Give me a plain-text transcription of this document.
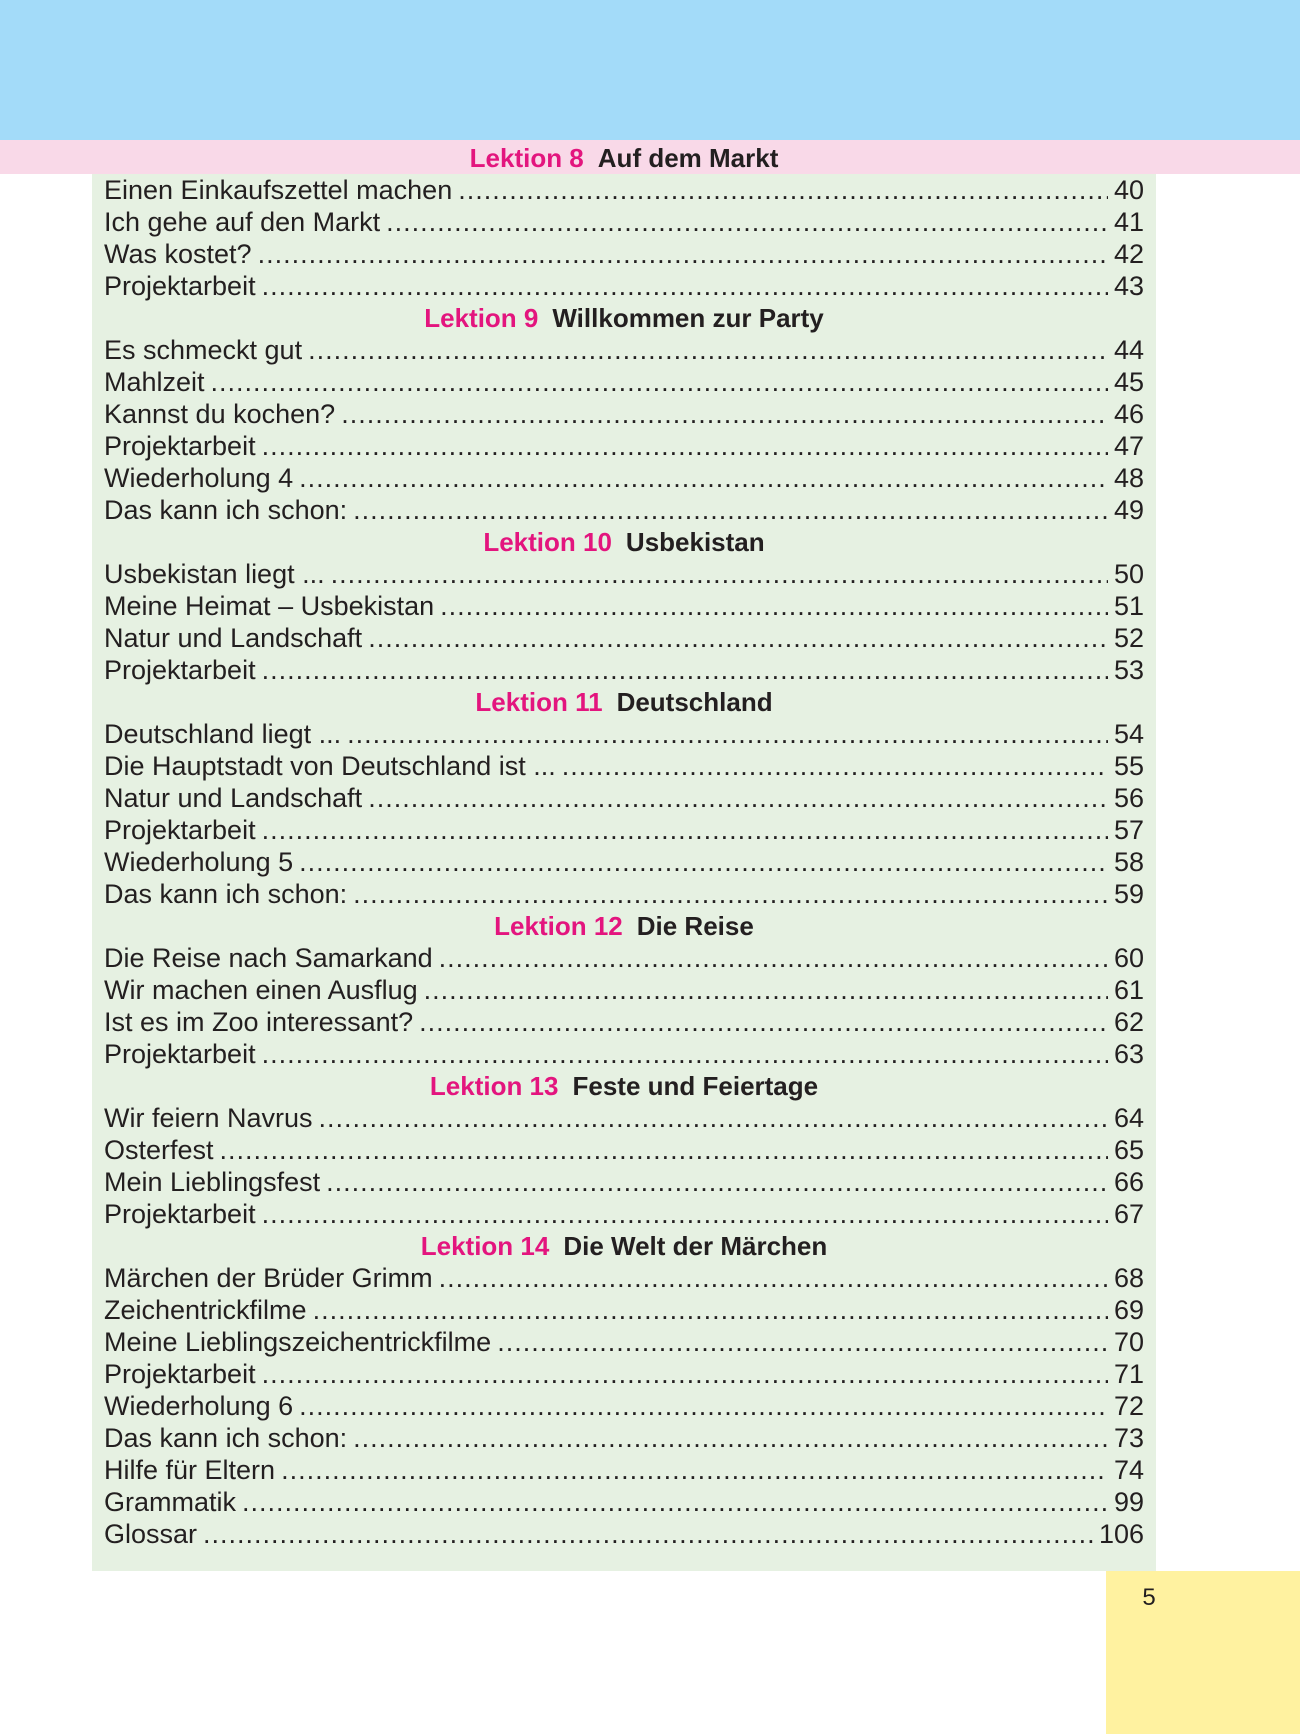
5
Lektion 8 Auf dem Markt
Einen Einkaufszettel machen .....	40
Ich gehe auf den Markt .....	41
Was kostet? .....	42
Projektarbeit .....	43
Lektion 9 Willkommen zur Party
Es schmeckt gut .....	44
Mahlzeit .....	45
Kannst du kochen? .....	46
Projektarbeit .....	47
Wiederholung 4 .....	48
Das kann ich schon: .....	49
Lektion 10 Usbekistan
Usbekistan liegt ... .....	50
Meine Heimat – Usbekistan .....	51
Natur und Landschaft .....	52
Projektarbeit .....	53
Lektion 11 Deutschland
Deutschland liegt ... .....	54
Die Hauptstadt von Deutschland ist ... .....	55
Natur und Landschaft .....	56
Projektarbeit .....	57
Wiederholung 5 .....	58
Das kann ich schon: .....	59
Lektion 12 Die Reise
Die Reise nach Samarkand .....	60
Wir machen einen Ausflug .....	61
Ist es im Zoo interessant? .....	62
Projektarbeit .....	63
Lektion 13 Feste und Feiertage
Wir feiern Navrus .....	64
Osterfest .....	65
Mein Lieblingsfest .....	66
Projektarbeit .....	67
Lektion 14 Die Welt der Märchen
Märchen der Brüder Grimm .....	68
Zeichentrickfilme .....	69
Meine Lieblingszeichentrickfilme .....	70
Projektarbeit .....	71
Wiederholung 6 .....	72
Das kann ich schon: .....	73
Hilfe für Eltern .....	74
Grammatik .....	99
Glossar .....	106
